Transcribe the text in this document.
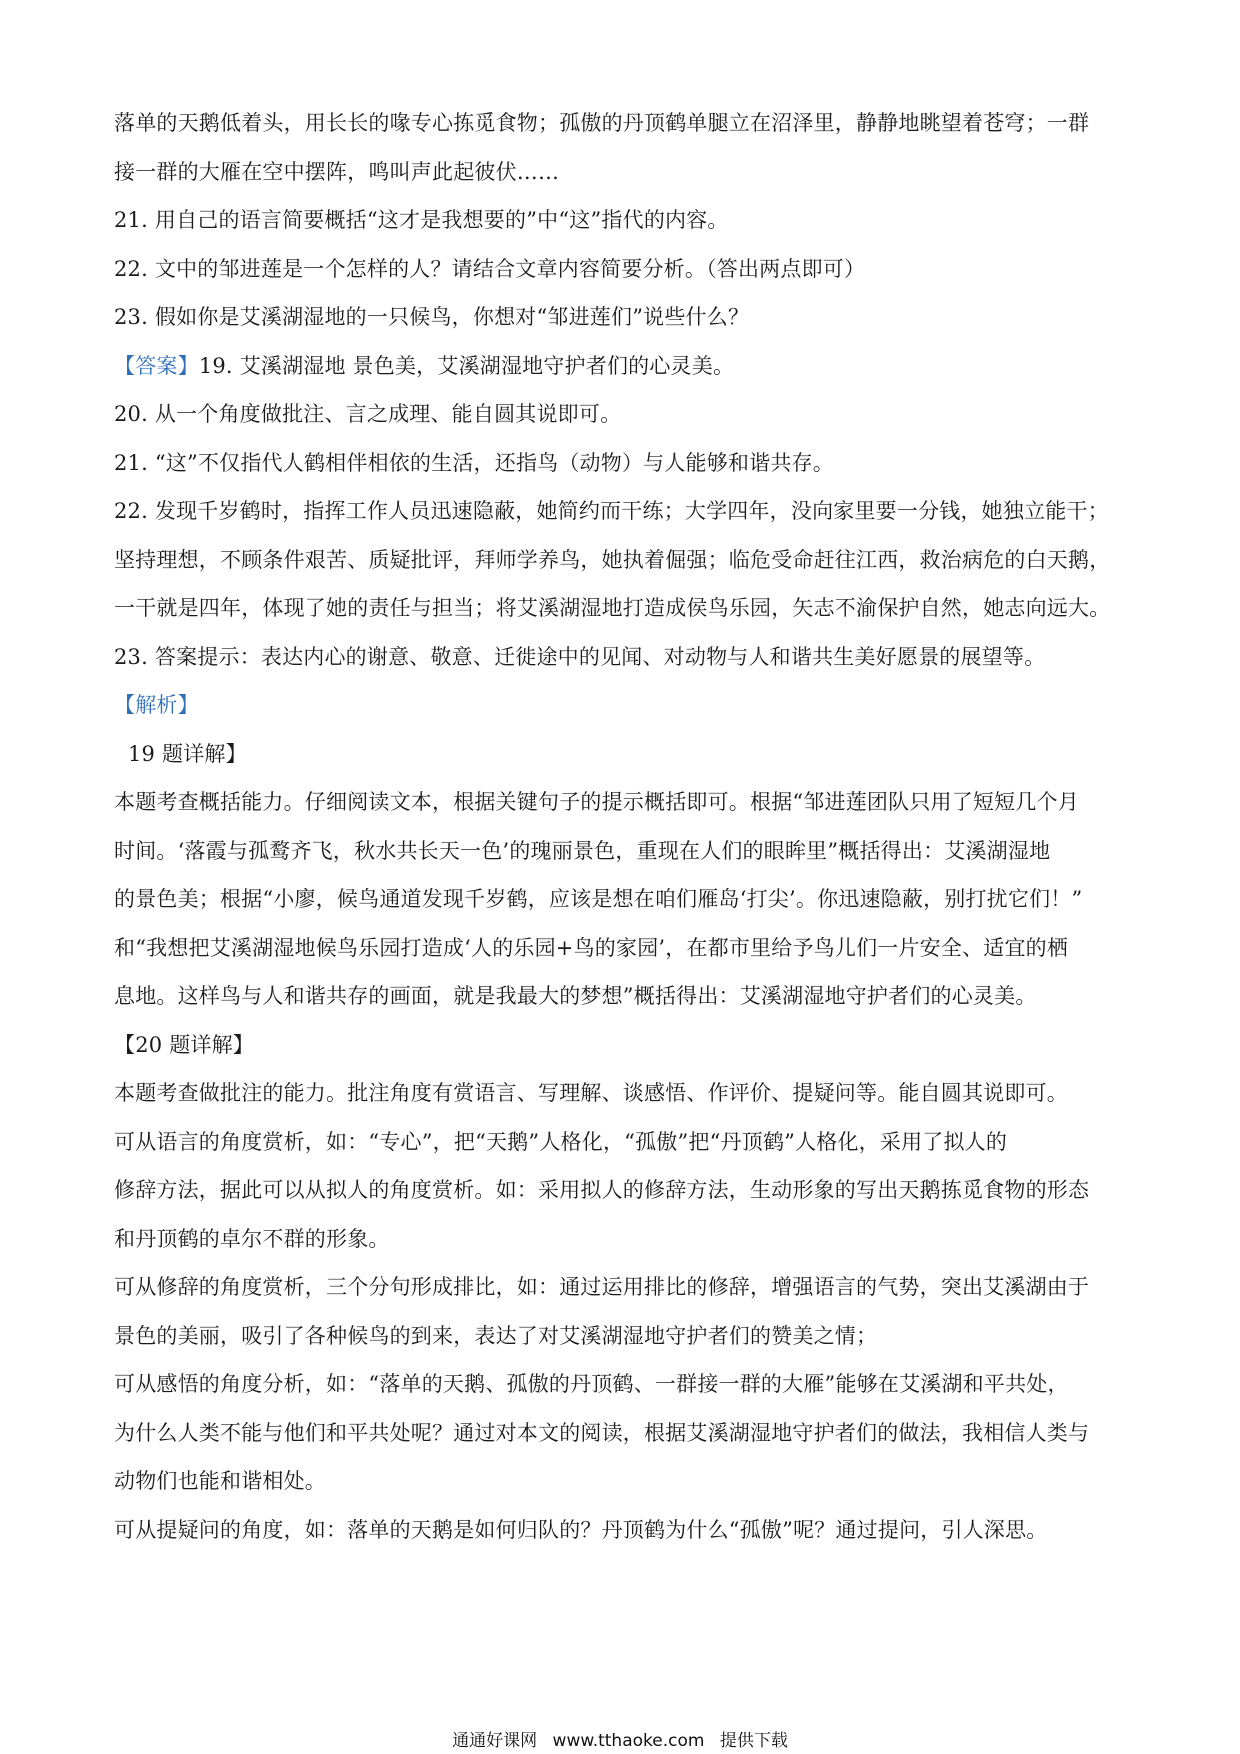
落单的天鹅低着头，用长长的喙专心拣觅食物；孤傲的丹顶鹤单腿立在沼泽里，静静地眺望着苍穹；一群
接一群的大雁在空中摆阵，鸣叫声此起彼伏……
21. 用自己的语言简要概括“这才是我想要的”中“这”指代的内容。
22. 文中的邹进莲是一个怎样的人？请结合文章内容简要分析。（答出两点即可）
23. 假如你是艾溪湖湿地的一只候鸟，你想对“邹进莲们”说些什么？
【答案】19. 艾溪湖湿地 景色美，艾溪湖湿地守护者们的心灵美。
20. 从一个角度做批注、言之成理、能自圆其说即可。
21. “这”不仅指代人鹤相伴相依的生活，还指鸟（动物）与人能够和谐共存。
22. 发现千岁鹤时，指挥工作人员迅速隐蔽，她简约而干练；大学四年，没向家里要一分钱，她独立能干；
坚持理想，不顾条件艰苦、质疑批评，拜师学养鸟，她执着倔强；临危受命赶往江西，救治病危的白天鹅，
一干就是四年，体现了她的责任与担当；将艾溪湖湿地打造成侯鸟乐园，矢志不渝保护自然，她志向远大。
23. 答案提示：表达内心的谢意、敬意、迁徙途中的见闻、对动物与人和谐共生美好愿景的展望等。
【解析】
19 题详解】
本题考查概括能力。仔细阅读文本，根据关键句子的提示概括即可。根据“邹进莲团队只用了短短几个月
时间。‘落霞与孤鹜齐飞，秋水共长天一色’的瑰丽景色，重现在人们的眼眸里”概括得出：艾溪湖湿地
的景色美；根据“小廖，候鸟通道发现千岁鹤，应该是想在咱们雁岛‘打尖’。你迅速隐蔽，别打扰它们！”
和“我想把艾溪湖湿地候鸟乐园打造成‘人的乐园+鸟的家园’，在都市里给予鸟儿们一片安全、适宜的栖
息地。这样鸟与人和谐共存的画面，就是我最大的梦想”概括得出：艾溪湖湿地守护者们的心灵美。
【20 题详解】
本题考查做批注的能力。批注角度有赏语言、写理解、谈感悟、作评价、提疑问等。能自圆其说即可。
可从语言的角度赏析，如：“专心”，把“天鹅”人格化，“孤傲”把“丹顶鹤”人格化，采用了拟人的
修辞方法，据此可以从拟人的角度赏析。如：采用拟人的修辞方法，生动形象的写出天鹅拣觅食物的形态
和丹顶鹤的卓尔不群的形象。
可从修辞的角度赏析，三个分句形成排比，如：通过运用排比的修辞，增强语言的气势，突出艾溪湖由于
景色的美丽，吸引了各种候鸟的到来，表达了对艾溪湖湿地守护者们的赞美之情；
可从感悟的角度分析，如：“落单的天鹅、孤傲的丹顶鹤、一群接一群的大雁”能够在艾溪湖和平共处，
为什么人类不能与他们和平共处呢？通过对本文的阅读，根据艾溪湖湿地守护者们的做法，我相信人类与
动物们也能和谐相处。
可从提疑问的角度，如：落单的天鹅是如何归队的？丹顶鹤为什么“孤傲”呢？通过提问，引人深思。
通通好课网 www.tthaoke.com 提供下载
